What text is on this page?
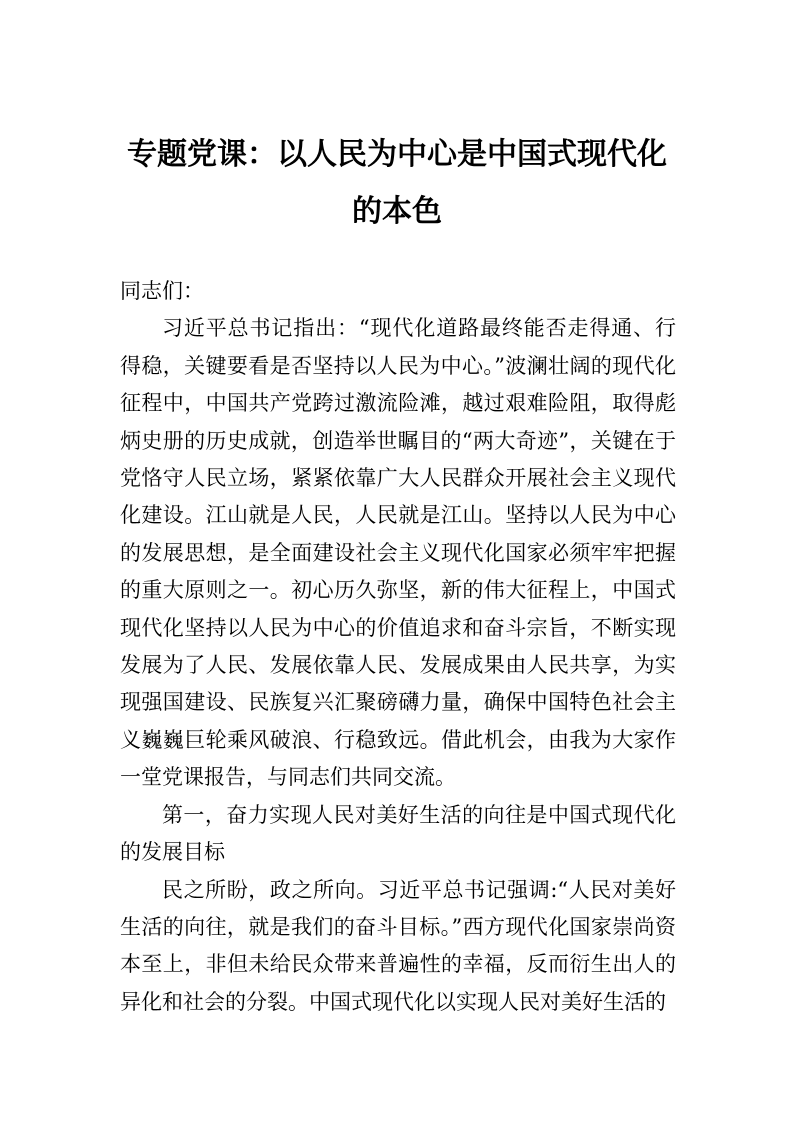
专题党课：以人民为中心是中国式现代化
的本色

同志们：

习近平总书记指出：“现代化道路最终能否走得通、行得稳，关键要看是否坚持以人民为中心。”波澜壮阔的现代化征程中，中国共产党跨过激流险滩，越过艰难险阻，取得彪炳史册的历史成就，创造举世瞩目的“两大奇迹”，关键在于党恪守人民立场，紧紧依靠广大人民群众开展社会主义现代化建设。江山就是人民，人民就是江山。坚持以人民为中心的发展思想，是全面建设社会主义现代化国家必须牢牢把握的重大原则之一。初心历久弥坚，新的伟大征程上，中国式现代化坚持以人民为中心的价值追求和奋斗宗旨，不断实现发展为了人民、发展依靠人民、发展成果由人民共享，为实现强国建设、民族复兴汇聚磅礴力量，确保中国特色社会主义巍巍巨轮乘风破浪、行稳致远。借此机会，由我为大家作一堂党课报告，与同志们共同交流。

第一，奋力实现人民对美好生活的向往是中国式现代化的发展目标

民之所盼，政之所向。习近平总书记强调:“人民对美好生活的向往，就是我们的奋斗目标。”西方现代化国家崇尚资本至上，非但未给民众带来普遍性的幸福，反而衍生出人的异化和社会的分裂。中国式现代化以实现人民对美好生活的
